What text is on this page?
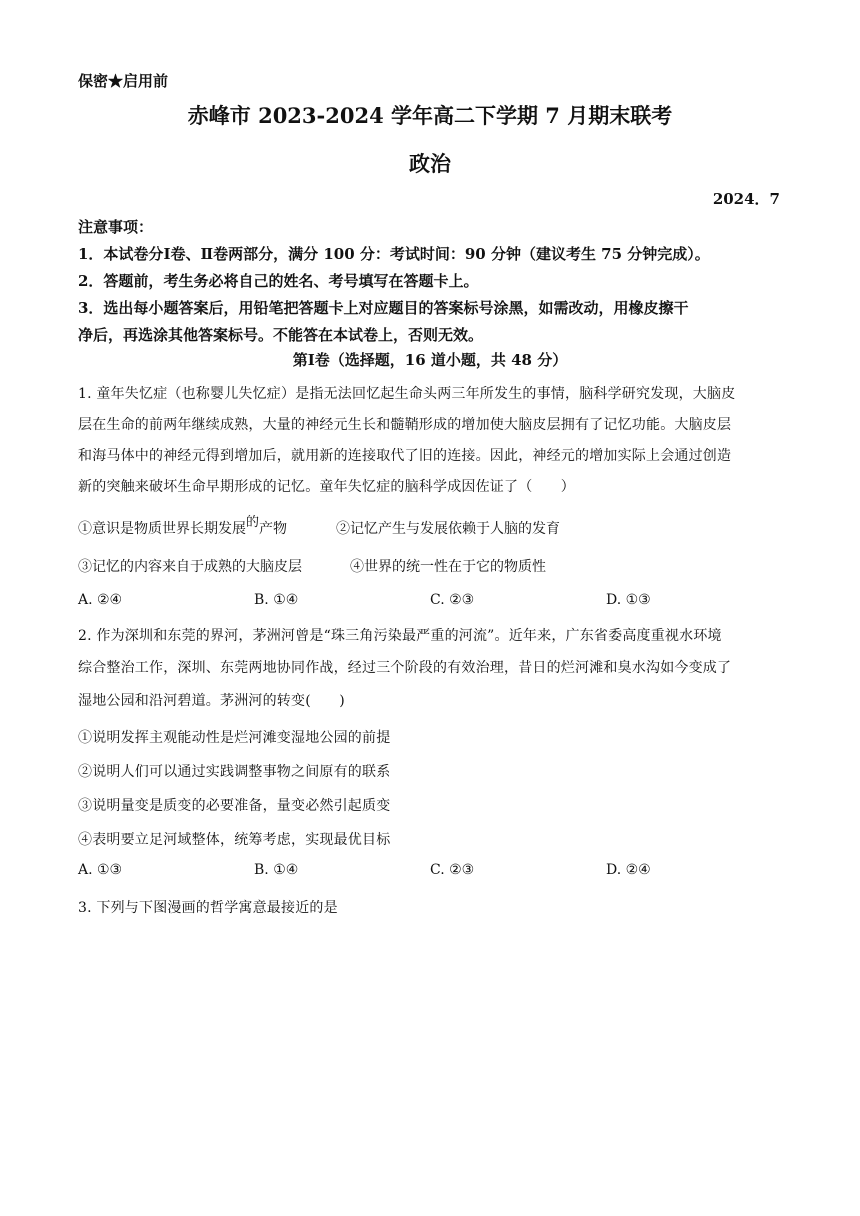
保密★启用前
赤峰市 2023-2024 学年高二下学期 7 月期末联考
政治
2024．7
注意事项：
1．本试卷分Ⅰ卷、Ⅱ卷两部分，满分 100 分：考试时间：90 分钟（建议考生 75 分钟完成）。
2．答题前，考生务必将自己的姓名、考号填写在答题卡上。
3．选出每小题答案后，用铅笔把答题卡上对应题目的答案标号涂黑，如需改动，用橡皮擦干
净后，再选涂其他答案标号。不能答在本试卷上，否则无效。
第Ⅰ卷（选择题，16 道小题，共 48 分）
1. 童年失忆症（也称婴儿失忆症）是指无法回忆起生命头两三年所发生的事情，脑科学研究发现，大脑皮
层在生命的前两年继续成熟，大量的神经元生长和髓鞘形成的增加使大脑皮层拥有了记忆功能。大脑皮层
和海马体中的神经元得到增加后，就用新的连接取代了旧的连接。因此，神经元的增加实际上会通过创造
新的突触来破坏生命早期形成的记忆。童年失忆症的脑科学成因佐证了（　　）
①意识是物质世界长期发展的产物	②记忆产生与发展依赖于人脑的发育
③记忆的内容来自于成熟的大脑皮层	④世界的统一性在于它的物质性
A. ②④	B. ①④	C. ②③	D. ①③
2. 作为深圳和东莞的界河，茅洲河曾是“珠三角污染最严重的河流”。近年来，广东省委高度重视水环境
综合整治工作，深圳、东莞两地协同作战，经过三个阶段的有效治理，昔日的烂河滩和臭水沟如今变成了
湿地公园和沿河碧道。茅洲河的转变(　　)
①说明发挥主观能动性是烂河滩变湿地公园的前提
②说明人们可以通过实践调整事物之间原有的联系
③说明量变是质变的必要准备，量变必然引起质变
④表明要立足河域整体，统筹考虑，实现最优目标
A. ①③	B. ①④	C. ②③	D. ②④
3. 下列与下图漫画的哲学寓意最接近的是
